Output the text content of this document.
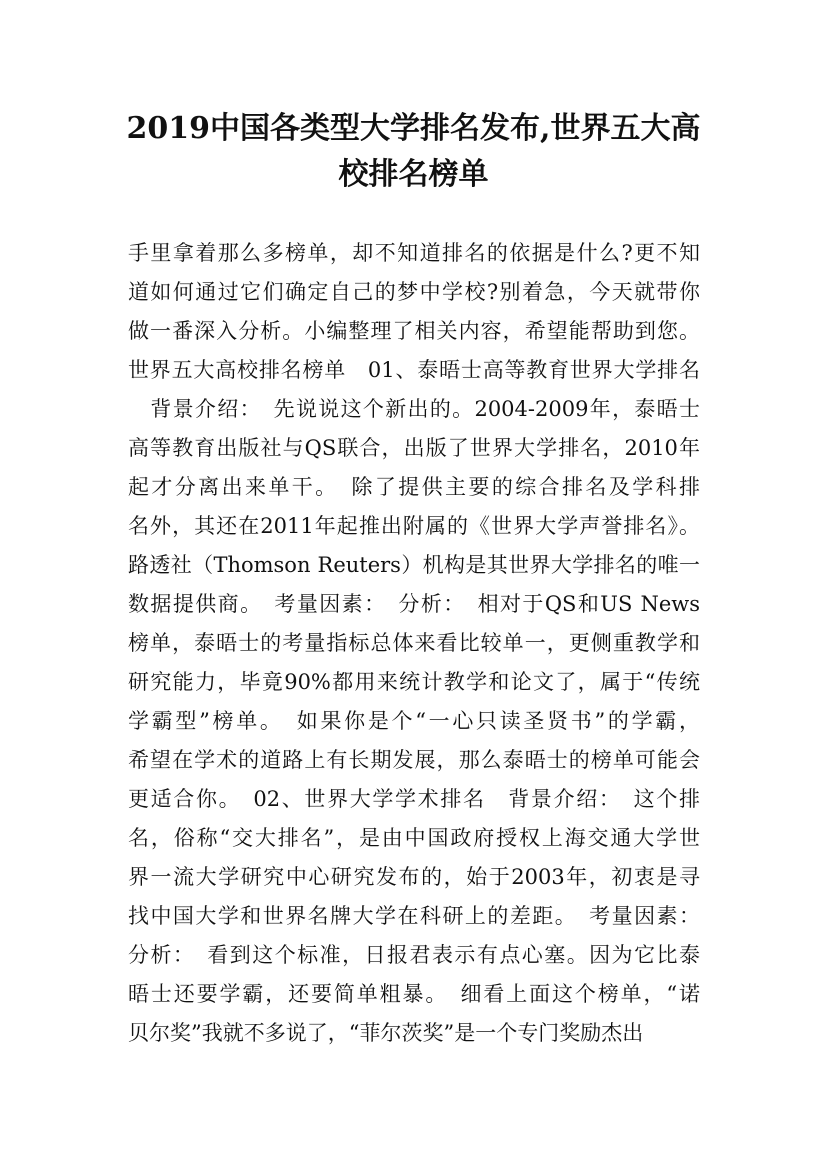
2019中国各类型大学排名发布,世界五大高
校排名榜单
手里拿着那么多榜单，却不知道排名的依据是什么?更不知
道如何通过它们确定自己的梦中学校?别着急，今天就带你
做一番深入分析。小编整理了相关内容，希望能帮助到您。
世界五大高校排名榜单　01、泰晤士高等教育世界大学排名
　背景介绍：　先说说这个新出的。2004-2009年，泰晤士
高等教育出版社与QS联合，出版了世界大学排名，2010年
起才分离出来单干。　除了提供主要的综合排名及学科排
名外，其还在2011年起推出附属的《世界大学声誉排名》。
路透社（Thomson Reuters）机构是其世界大学排名的唯一
数据提供商。　考量因素：　分析：　相对于QS和US News
榜单，泰晤士的考量指标总体来看比较单一，更侧重教学和
研究能力，毕竟90%都用来统计教学和论文了，属于“传统
学霸型”榜单。　如果你是个“一心只读圣贤书”的学霸，
希望在学术的道路上有长期发展，那么泰晤士的榜单可能会
更适合你。　02、世界大学学术排名　背景介绍：　这个排
名，俗称“交大排名”，是由中国政府授权上海交通大学世
界一流大学研究中心研究发布的，始于2003年，初衷是寻
找中国大学和世界名牌大学在科研上的差距。　考量因素：
分析：　看到这个标准，日报君表示有点心塞。因为它比泰
晤士还要学霸，还要简单粗暴。　细看上面这个榜单，“诺
贝尔奖”我就不多说了，“菲尔茨奖”是一个专门奖励杰出
